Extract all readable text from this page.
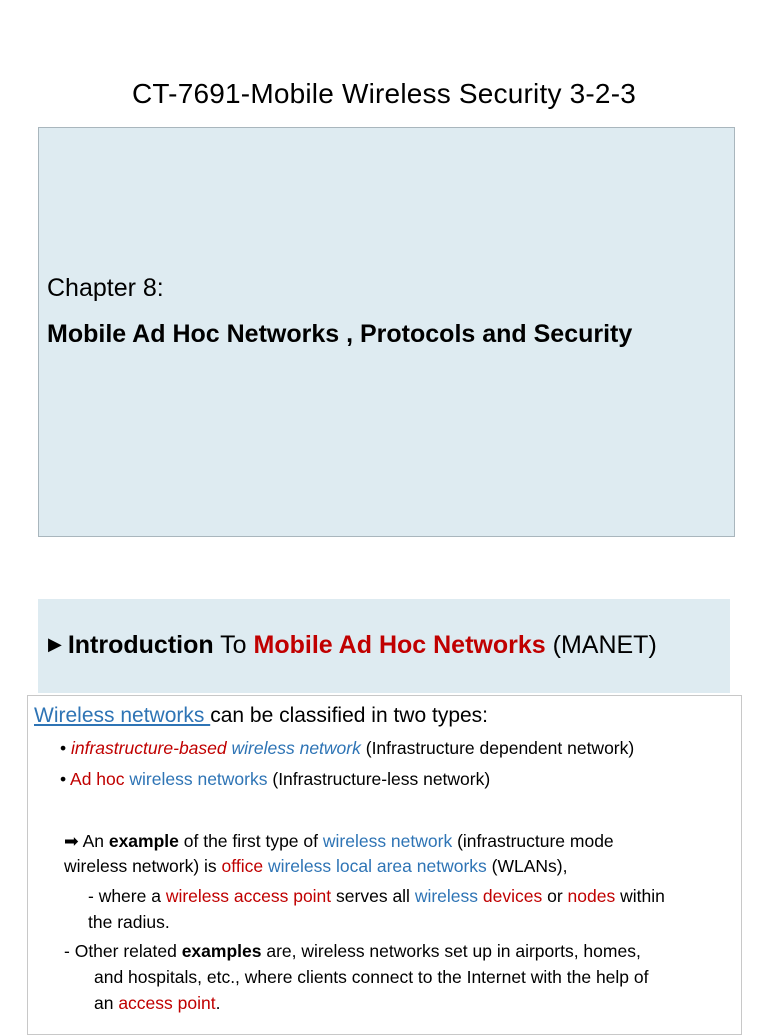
CT-7691-Mobile Wireless Security 3-2-3
Chapter 8:
Mobile Ad Hoc Networks , Protocols and Security
▶ Introduction To Mobile Ad Hoc Networks (MANET)
Wireless networks can be classified in two types:
• infrastructure-based wireless network (Infrastructure dependent network)
• Ad hoc wireless networks (Infrastructure-less network)
➡ An example of the first type of wireless network (infrastructure mode
wireless network) is office wireless local area networks (WLANs),
- where a wireless access point serves all wireless devices or nodes within
the radius.
- Other related examples are, wireless networks set up in airports, homes,
and hospitals, etc., where clients connect to the Internet with the help of
an access point.
